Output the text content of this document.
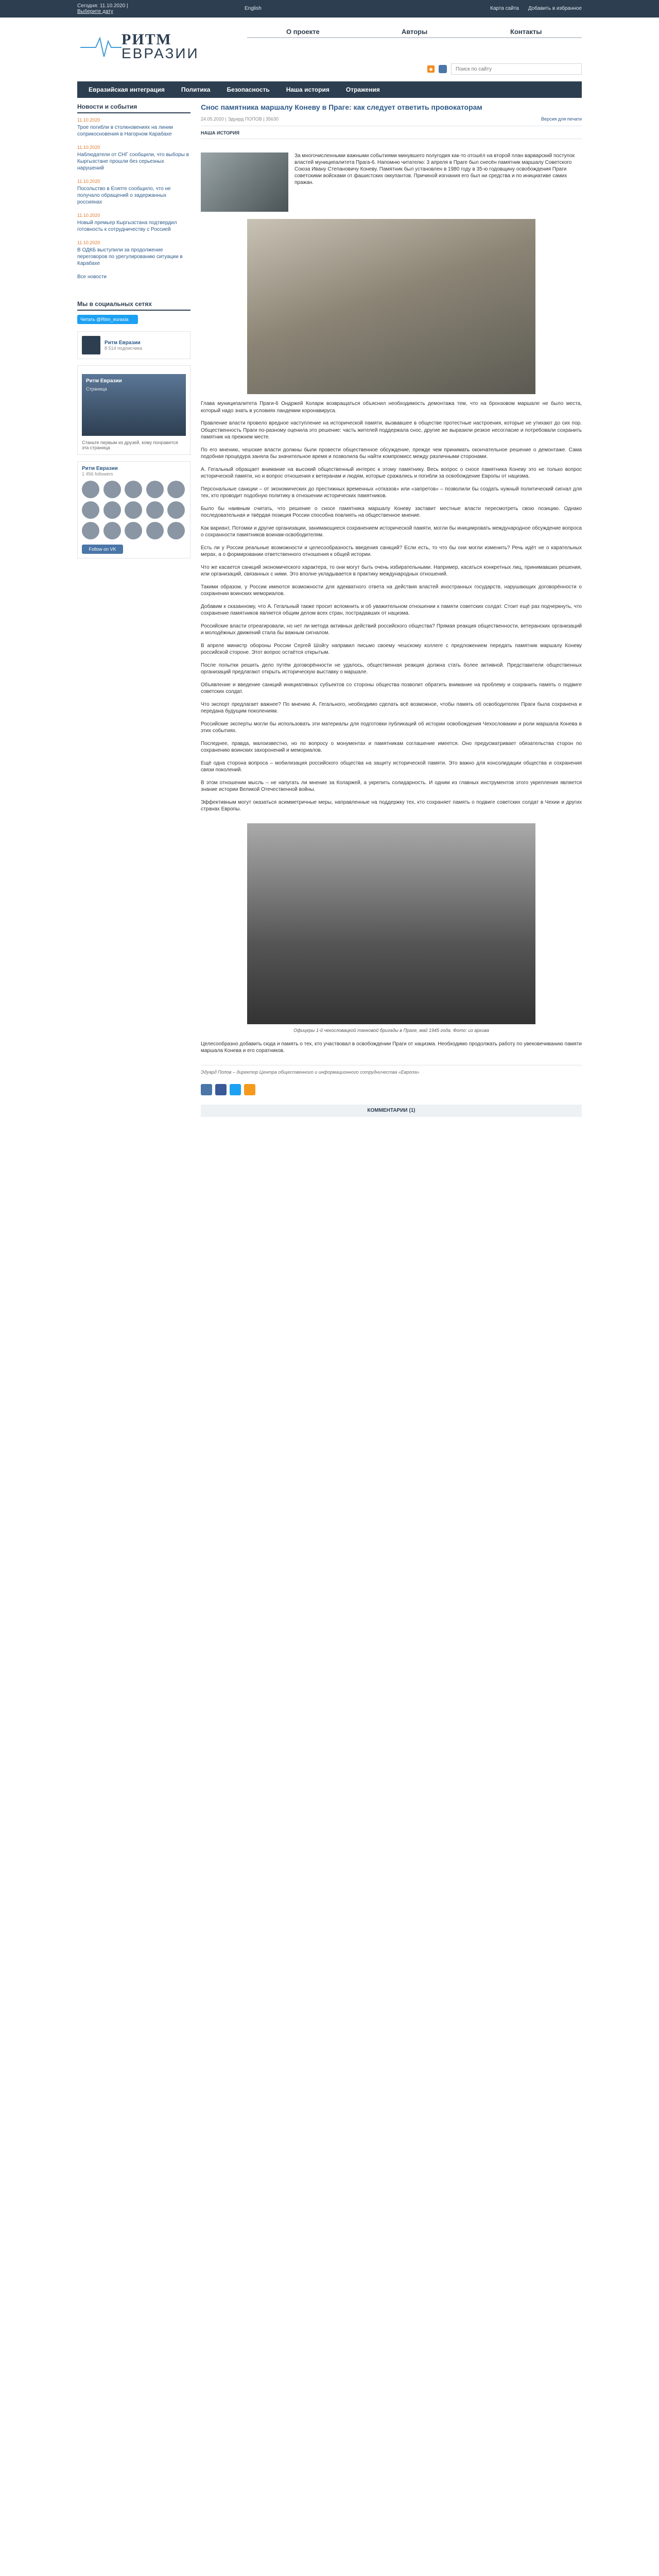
Сегодня: 11.10.2020 |
Выберите дату
English	Карта сайта Добавить в избранное
РИТМ
ЕВРАЗИИ
О проекте	Авторы	Контакты
◉
Поиск по сайту
Евразийская интеграция	Политика	Безопасность	Наша история	Отражения
Новости и события
11.10.2020
Трое погибли в столкновениях на линии соприкосновения в Нагорном Карабахе
11.10.2020
Наблюдатели от СНГ сообщили, что выборы в Кыргызстане прошли без серьезных нарушений
11.10.2020
Посольство в Египте сообщило, что не получало обращений о задержанных россиянах
11.10.2020
Новый премьер Кыргызстана подтвердил готовность к сотрудничеству с Россией
11.10.2020
В ОДКБ выступили за продолжение переговоров по урегулированию ситуации в Карабахе
Все новости
Мы в социальных сетях
Читать @Ritm_eurasia
Ритм Евразии
8 514 подписчика
Ритм Евразии
Страница
Станьте первым из друзей, кому понравится эта страница
Ритм Евразии
1 456 followers
Follow on VK
Снос памятника маршалу Коневу в Праге: как следует ответить провокаторам
24.05.2020 | Эдуард ПОПОВ | 35630	Версия для печати
НАША ИСТОРИЯ

За многочисленными важными событиями минувшего полугодия как-то отошёл на второй план варварский поступок властей муниципалитета Прага-6. Напомню читателю: 3 апреля в Праге был снесён памятник маршалу Советского Союза Ивану Степановичу Коневу. Памятник был установлен в 1980 году в 35-ю годовщину освобождения Праги советскими войсками от фашистских оккупантов. Причиной изгнания его был ни средства и по инициативе самих пражан.

Глава муниципалитета Праги-6 Ондржей Коларж возвращаться объяснил необходимость демонтажа тем, что на бронзовом маршале не было места, который надо знать в условиях пандемии коронавируса.

Правление власти провело вредное наступление на исторической памяти, вызвавшее в обществе протестные настроения, которые не утихают до сих пор. Общественность Праги по-разному оценила это решение: часть жителей поддержала снос, другие же выразили резкое несогласие и потребовали сохранить памятник на прежнем месте.

По его мнению, чешские власти должны были провести общественное обсуждение, прежде чем принимать окончательное решение о демонтаже. Сама подобная процедура заняла бы значительное время и позволила бы найти компромисс между различными сторонами.

А. Гегальный обращает внимание на высокий общественный интерес к этому памятнику. Весь вопрос о сносе памятника Коневу это не только вопрос исторической памяти, но и вопрос отношения к ветеранам и людям, которые сражались и погибли за освобождение Европы от нацизма.

Персональные санкции – от экономических до престижных временных «отказов» или «запретов» – позволили бы создать нужный политический сигнал для тех, кто проводит подобную политику в отношении исторических памятников.

Было бы наивным считать, что решение о сносе памятника маршалу Коневу заставит местные власти пересмотреть свою позицию. Однако последовательная и твёрдая позиция России способна повлиять на общественное мнение.

Как вариант, Потомки и другие организации, занимающиеся сохранением исторической памяти, могли бы инициировать международное обсуждение вопроса о сохранности памятников воинам-освободителям.

Есть ли у России реальные возможности и целесообразность введения санкций? Если есть, то что бы они могли изменить? Речь идёт не о карательных мерах, а о формировании ответственного отношения к общей истории.

Что же касается санкций экономического характера, то они могут быть очень избирательными. Например, касаться конкретных лиц, принимавших решения, или организаций, связанных с ними. Это вполне укладывается в практику международных отношений.

Такими образом, у России имеются возможности для адекватного ответа на действия властей иностранных государств, нарушающих договорённости о сохранении воинских мемориалов.

Добавим к сказанному, что А. Гегальный также просит вспомнить и об уважительном отношении к памяти советских солдат. Стоит ещё раз подчеркнуть, что сохранение памятников является общим делом всех стран, пострадавших от нацизма.

Российские власти отреагировали, но нет ли метода активных действий российского общества? Прямая реакция общественности, ветеранских организаций и молодёжных движений стала бы важным сигналом.

В апреле министр обороны России Сергей Шойгу направил письмо своему чешскому коллеге с предложением передать памятник маршалу Коневу российской стороне. Этот вопрос остаётся открытым.

После попытки решить дело путём договорённости не удалось, общественная реакция должна стать более активной. Представители общественных организаций предлагают открыть историческую выставку о маршале.

Объявление и введение санкций инициативных субъектов со стороны общества позволит обратить внимание на проблему и сохранить память о подвиге советских солдат.

Что экспорт предлагает важнее? По мнению А. Гегального, необходимо сделать всё возможное, чтобы память об освободителях Праги была сохранена и передана будущим поколениям.

Российские эксперты могли бы использовать эти материалы для подготовки публикаций об истории освобождения Чехословакии и роли маршала Конева в этих событиях.

Последнее, правда, малоизвестно, но по вопросу о монументах и памятникам соглашение имеется. Оно предусматривает обязательства сторон по сохранению воинских захоронений и мемориалов.

Ещё одна сторона вопроса – мобилизация российского общества на защиту исторической памяти. Это важно для консолидации общества и сохранения связи поколений.

В этом отношении мысль – не напугать ли мнение за Коларжей, а укрепить солидарность. И одним из главных инструментов этого укрепления является знание истории Великой Отечественной войны.

Эффективным могут оказаться асимметричные меры, направленные на поддержку тех, кто сохраняет память о подвиге советских солдат в Чехии и других странах Европы.

Офицеры 1-й чехословацкой танковой бригады в Праге, май 1945 года. Фото: из архива

Целесообразно добавить сюда и память о тех, кто участвовал в освобождении Праги от нацизма. Необходимо продолжать работу по увековечиванию памяти маршала Конева и его соратников.

Эдуард Попов – директор Центра общественного и информационного сотрудничества «Европа»
КОММЕНТАРИИ (1)
